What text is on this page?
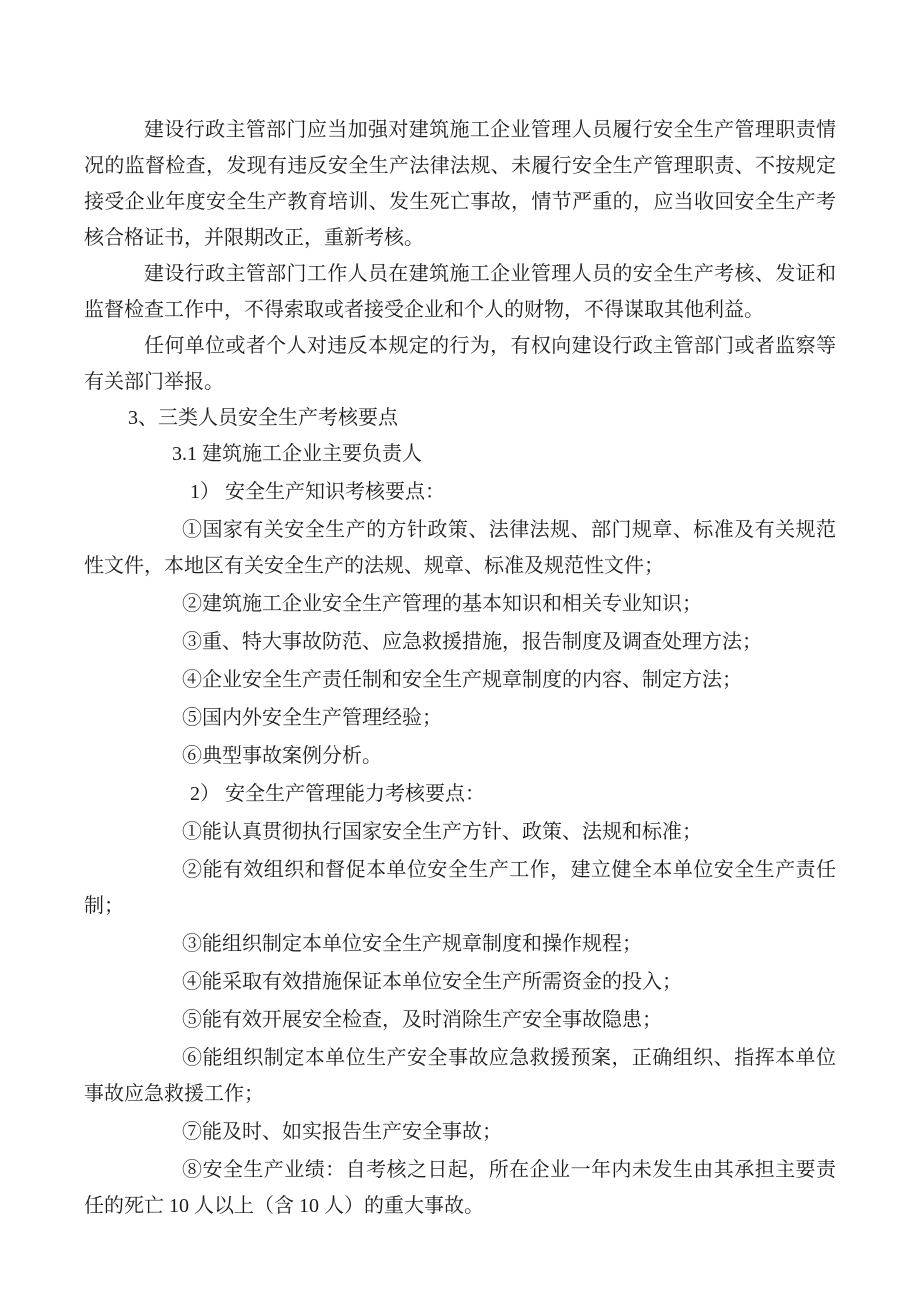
建设行政主管部门应当加强对建筑施工企业管理人员履行安全生产管理职责情况的监督检查，发现有违反安全生产法律法规、未履行安全生产管理职责、不按规定接受企业年度安全生产教育培训、发生死亡事故，情节严重的，应当收回安全生产考核合格证书，并限期改正，重新考核。
建设行政主管部门工作人员在建筑施工企业管理人员的安全生产考核、发证和监督检查工作中，不得索取或者接受企业和个人的财物，不得谋取其他利益。
任何单位或者个人对违反本规定的行为，有权向建设行政主管部门或者监察等有关部门举报。
3、三类人员安全生产考核要点
3.1 建筑施工企业主要负责人
1） 安全生产知识考核要点：
①国家有关安全生产的方针政策、法律法规、部门规章、标准及有关规范性文件，本地区有关安全生产的法规、规章、标准及规范性文件；
②建筑施工企业安全生产管理的基本知识和相关专业知识；
③重、特大事故防范、应急救援措施，报告制度及调查处理方法；
④企业安全生产责任制和安全生产规章制度的内容、制定方法；
⑤国内外安全生产管理经验；
⑥典型事故案例分析。
2） 安全生产管理能力考核要点：
①能认真贯彻执行国家安全生产方针、政策、法规和标准；
②能有效组织和督促本单位安全生产工作，建立健全本单位安全生产责任制；
③能组织制定本单位安全生产规章制度和操作规程；
④能采取有效措施保证本单位安全生产所需资金的投入；
⑤能有效开展安全检查，及时消除生产安全事故隐患；
⑥能组织制定本单位生产安全事故应急救援预案，正确组织、指挥本单位事故应急救援工作；
⑦能及时、如实报告生产安全事故；
⑧安全生产业绩：自考核之日起，所在企业一年内未发生由其承担主要责任的死亡 10 人以上（含 10 人）的重大事故。
